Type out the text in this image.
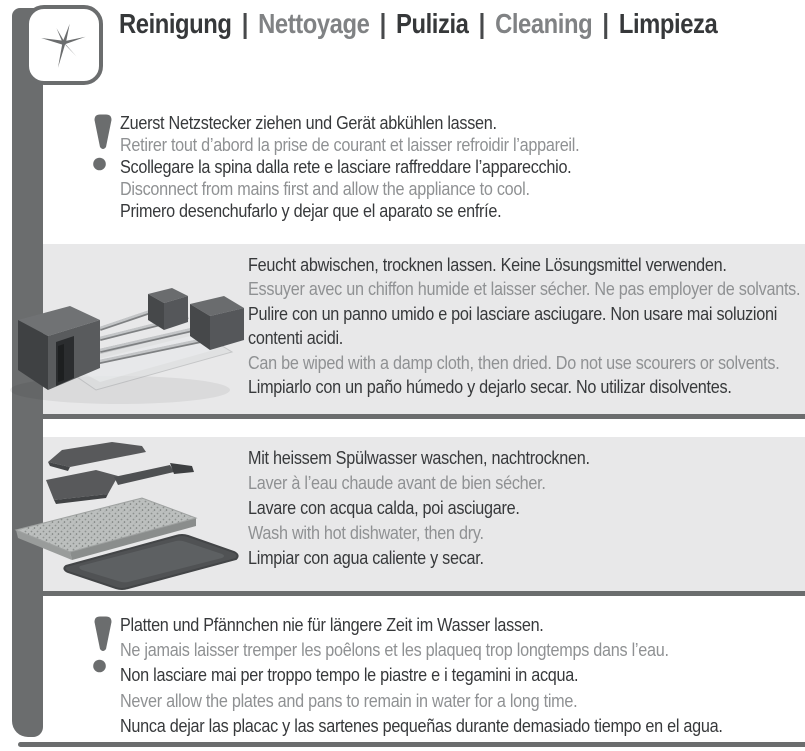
Reinigung | Nettoyage | Pulizia | Cleaning | Limpieza
Zuerst Netzstecker ziehen und Gerät abkühlen lassen.
Retirer tout d’abord la prise de courant et laisser refroidir l’appareil.
Scollegare la spina dalla rete e lasciare raffreddare l’apparecchio.
Disconnect from mains first and allow the appliance to cool.
Primero desenchufarlo y dejar que el aparato se enfríe.
Feucht abwischen, trocknen lassen. Keine Lösungsmittel verwenden.
Essuyer avec un chiffon humide et laisser sécher. Ne pas employer de solvants.
Pulire con un panno umido e poi lasciare asciugare. Non usare mai soluzioni
contenti acidi.
Can be wiped with a damp cloth, then dried. Do not use scourers or solvents.
Limpiarlo con un paño húmedo y dejarlo secar. No utilizar disolventes.
Mit heissem Spülwasser waschen, nachtrocknen.
Laver à l’eau chaude avant de bien sécher.
Lavare con acqua calda, poi asciugare.
Wash with hot dishwater, then dry.
Limpiar con agua caliente y secar.
Platten und Pfännchen nie für längere Zeit im Wasser lassen.
Ne jamais laisser tremper les poêlons et les plaqueq trop longtemps dans l’eau.
Non lasciare mai per troppo tempo le piastre e i tegamini in acqua.
Never allow the plates and pans to remain in water for a long time.
Nunca dejar las placac y las sartenes pequeñas durante demasiado tiempo en el agua.
